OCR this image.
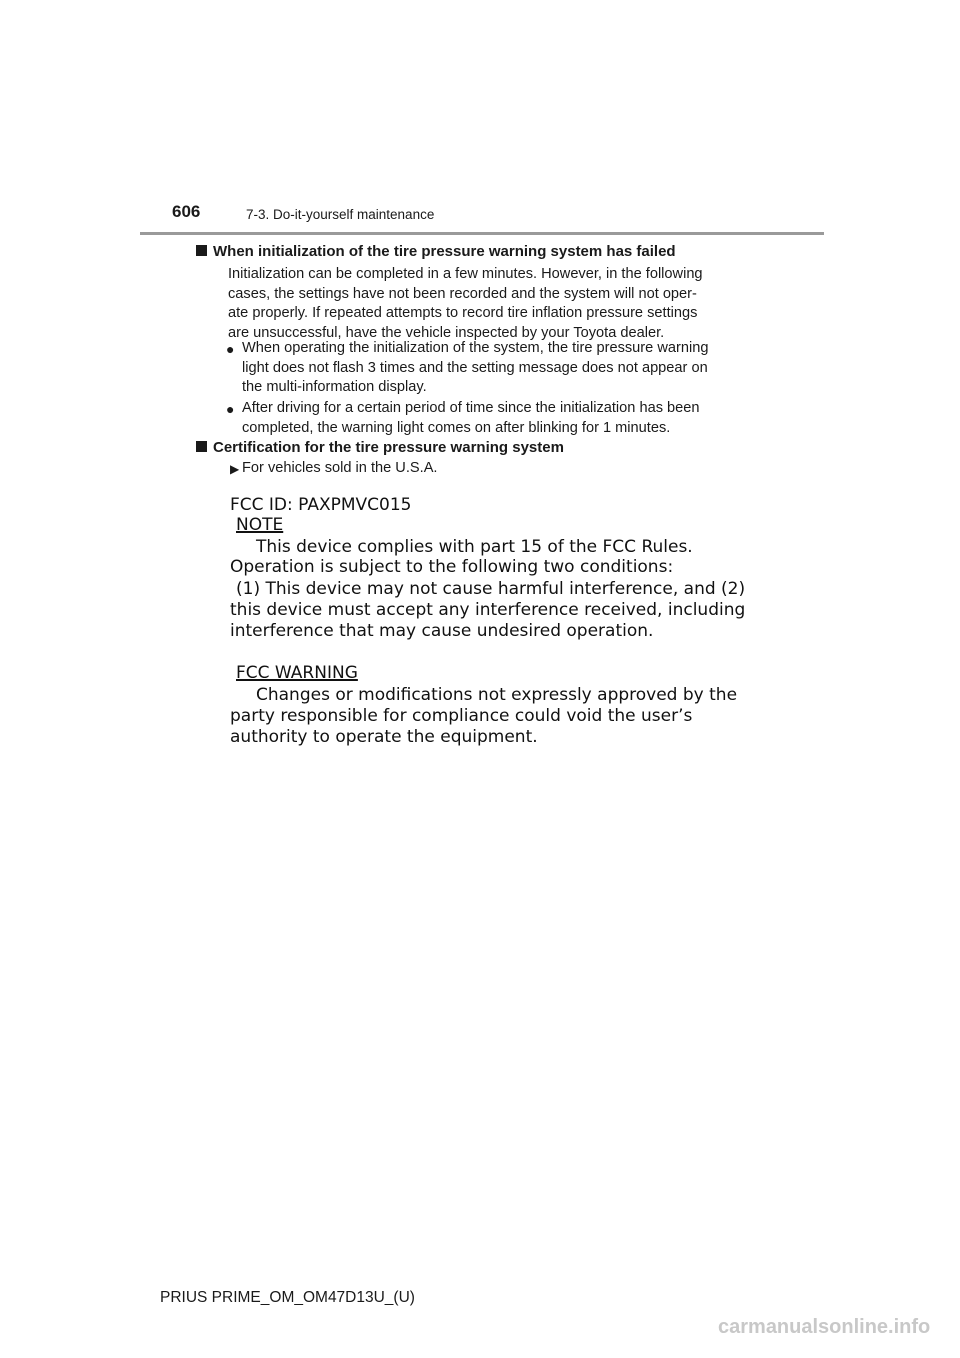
606	7-3. Do-it-yourself maintenance
When initialization of the tire pressure warning system has failed
Initialization can be completed in a few minutes. However, in the following
cases, the settings have not been recorded and the system will not oper-
ate properly. If repeated attempts to record tire inflation pressure settings
are unsuccessful, have the vehicle inspected by your Toyota dealer.
● When operating the initialization of the system, the tire pressure warning
light does not flash 3 times and the setting message does not appear on
the multi-information display.
● After driving for a certain period of time since the initialization has been
completed, the warning light comes on after blinking for 1 minutes.
Certification for the tire pressure warning system
▶ For vehicles sold in the U.S.A.
FCC ID: PAXPMVC015
NOTE
This device complies with part 15 of the FCC Rules.
Operation is subject to the following two conditions:
(1) This device may not cause harmful interference, and (2)
this device must accept any interference received, including
interference that may cause undesired operation.
FCC WARNING
Changes or modifications not expressly approved by the
party responsible for compliance could void the user’s
authority to operate the equipment.
PRIUS PRIME_OM_OM47D13U_(U)
carmanualsonline.info
